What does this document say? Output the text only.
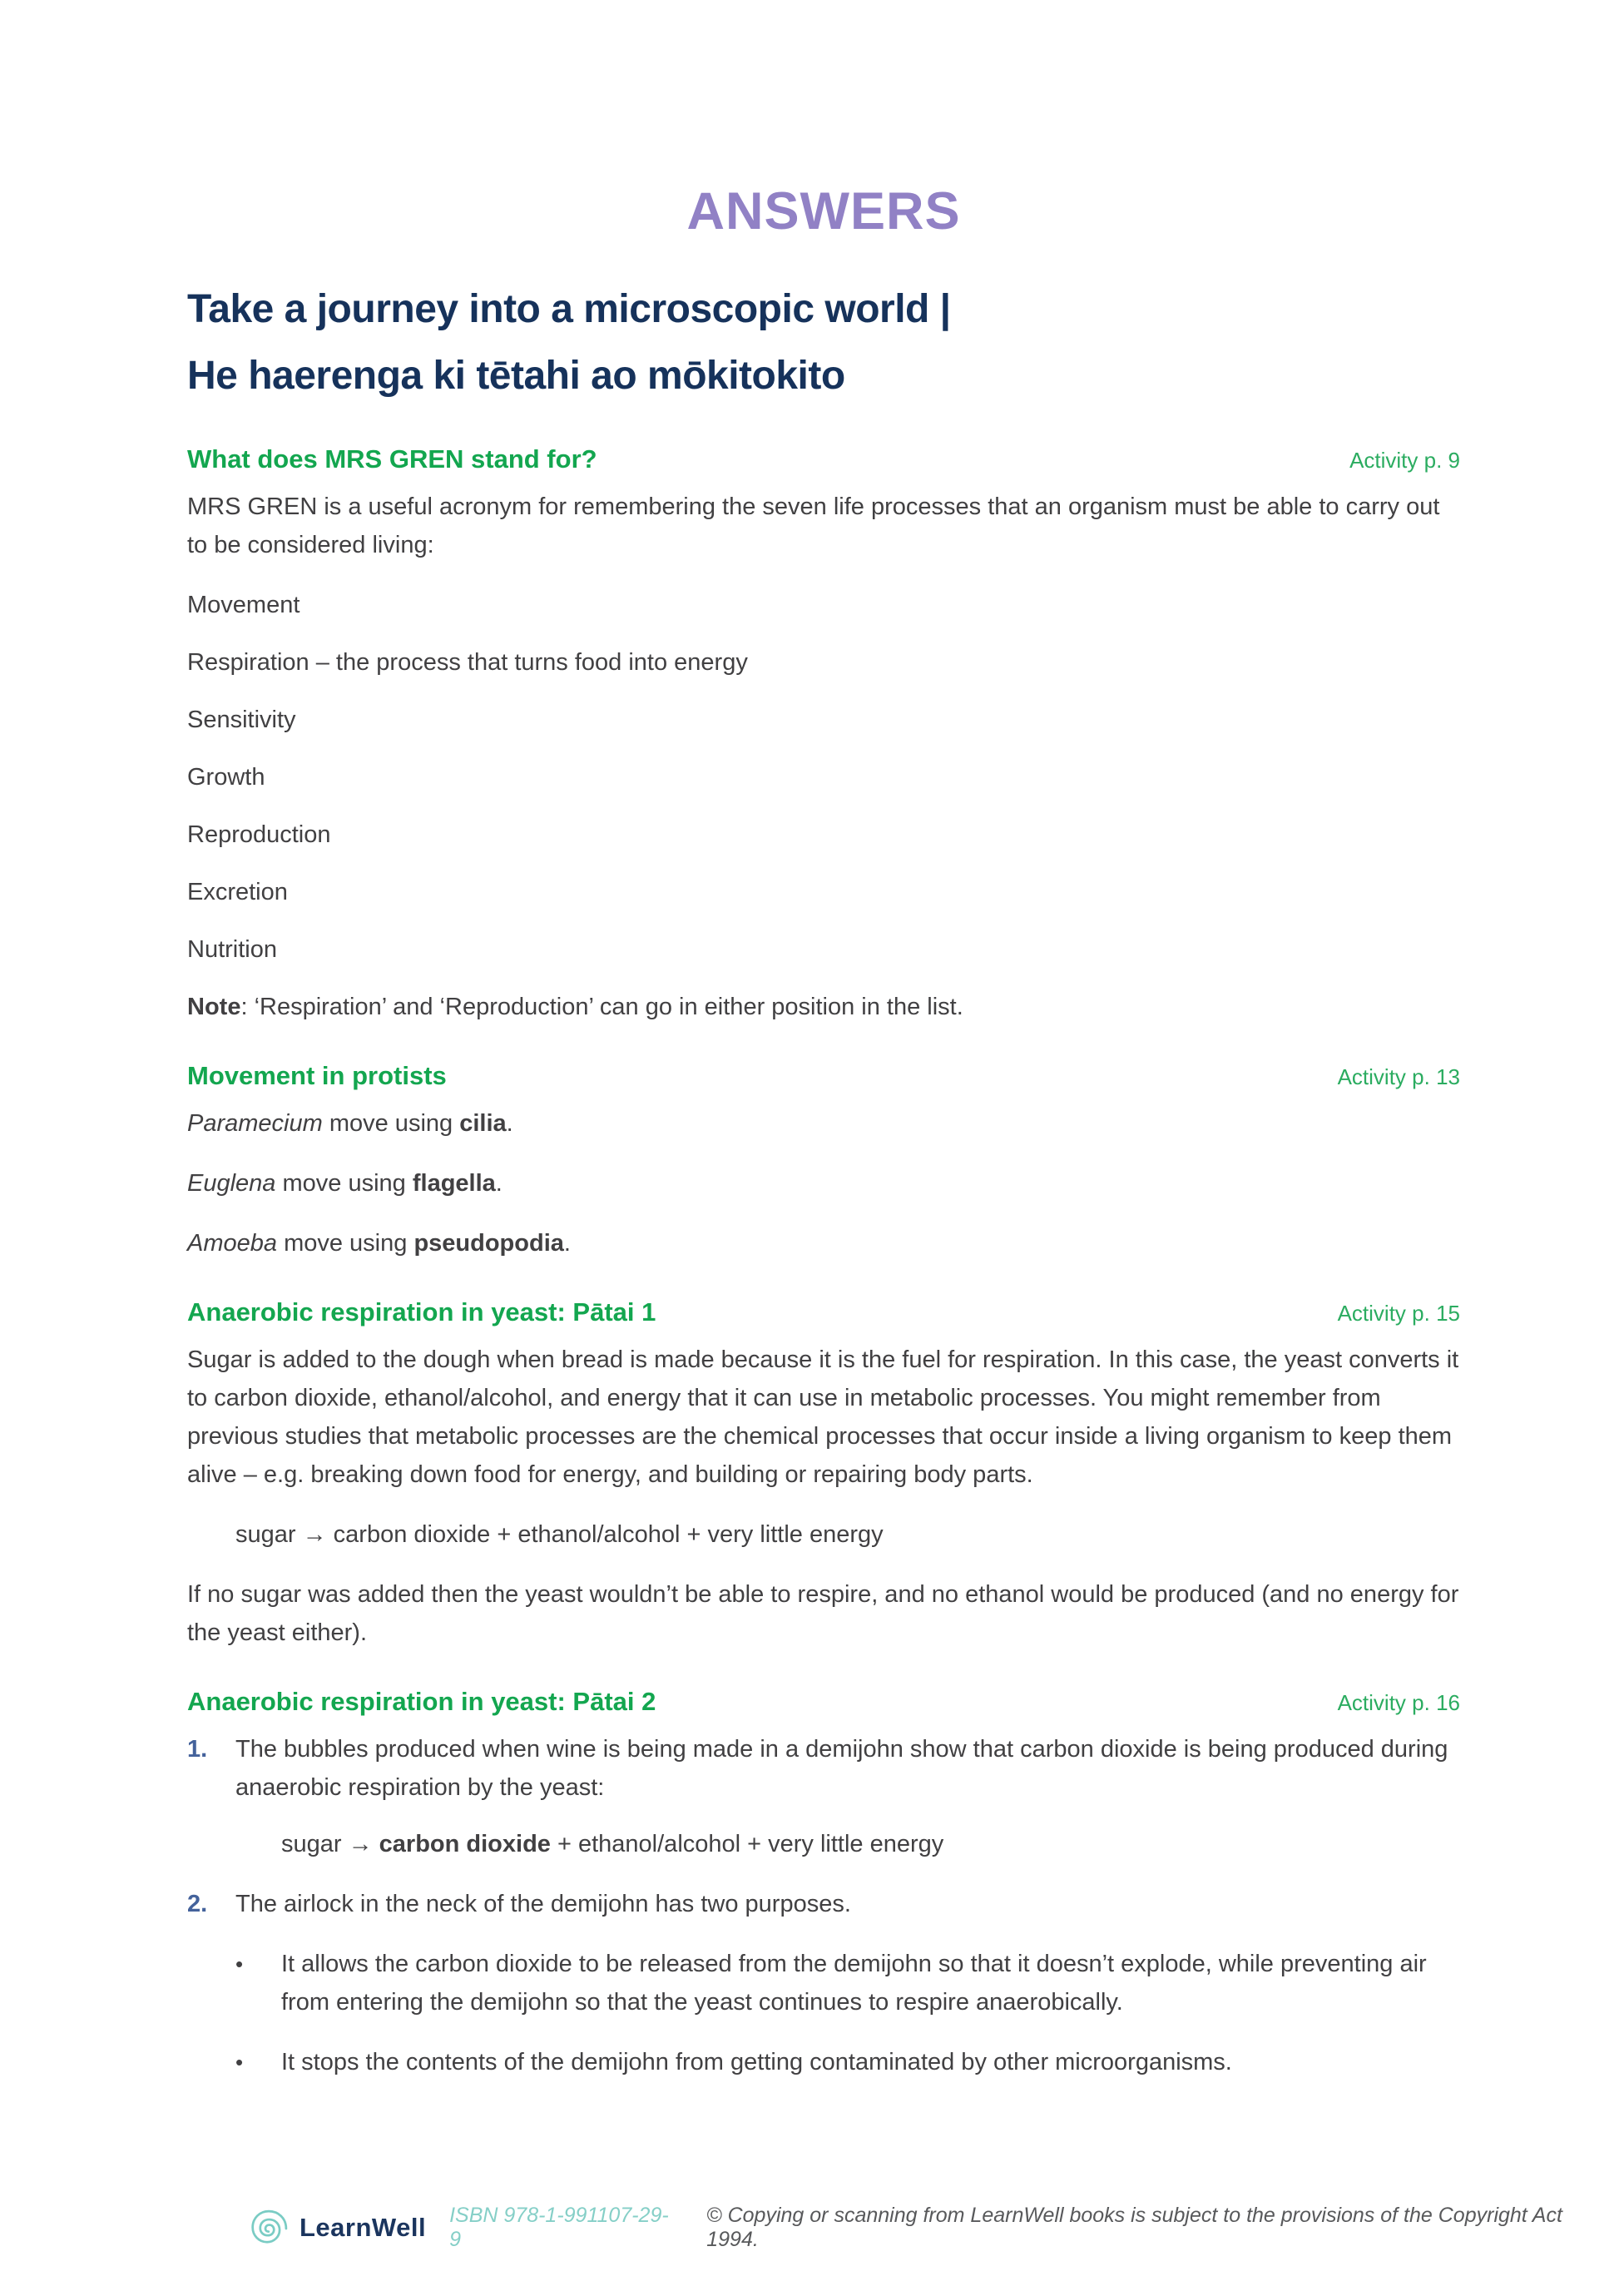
ANSWERS
Take a journey into a microscopic world |
He haerenga ki tētahi ao mōkitokito
What does MRS GREN stand for?	Activity p. 9

MRS GREN is a useful acronym for remembering the seven life processes that an organism must be able to carry out to be considered living:

Movement

Respiration – the process that turns food into energy

Sensitivity

Growth

Reproduction

Excretion

Nutrition

Note: ‘Respiration’ and ‘Reproduction’ can go in either position in the list.

Movement in protists	Activity p. 13

Paramecium move using cilia.

Euglena move using flagella.

Amoeba move using pseudopodia.

Anaerobic respiration in yeast: Pātai 1	Activity p. 15

Sugar is added to the dough when bread is made because it is the fuel for respiration. In this case, the yeast converts it to carbon dioxide, ethanol/alcohol, and energy that it can use in metabolic processes. You might remember from previous studies that metabolic processes are the chemical processes that occur inside a living organism to keep them alive – e.g. breaking down food for energy, and building or repairing body parts.

sugar → carbon dioxide + ethanol/alcohol + very little energy

If no sugar was added then the yeast wouldn’t be able to respire, and no ethanol would be produced (and no energy for the yeast either).

Anaerobic respiration in yeast: Pātai 2	Activity p. 16
1.	The bubbles produced when wine is being made in a demijohn show that carbon dioxide is being produced during anaerobic respiration by the yeast:

sugar → carbon dioxide + ethanol/alcohol + very little energy

2.	The airlock in the neck of the demijohn has two purposes.

•	It allows the carbon dioxide to be released from the demijohn so that it doesn’t explode, while preventing air from entering the demijohn so that the yeast continues to respire anaerobically.

•	It stops the contents of the demijohn from getting contaminated by other microorganisms.

LearnWell ISBN 978-1-991107-29-9
© Copying or scanning from LearnWell books is subject to the provisions of the Copyright Act 1994.
